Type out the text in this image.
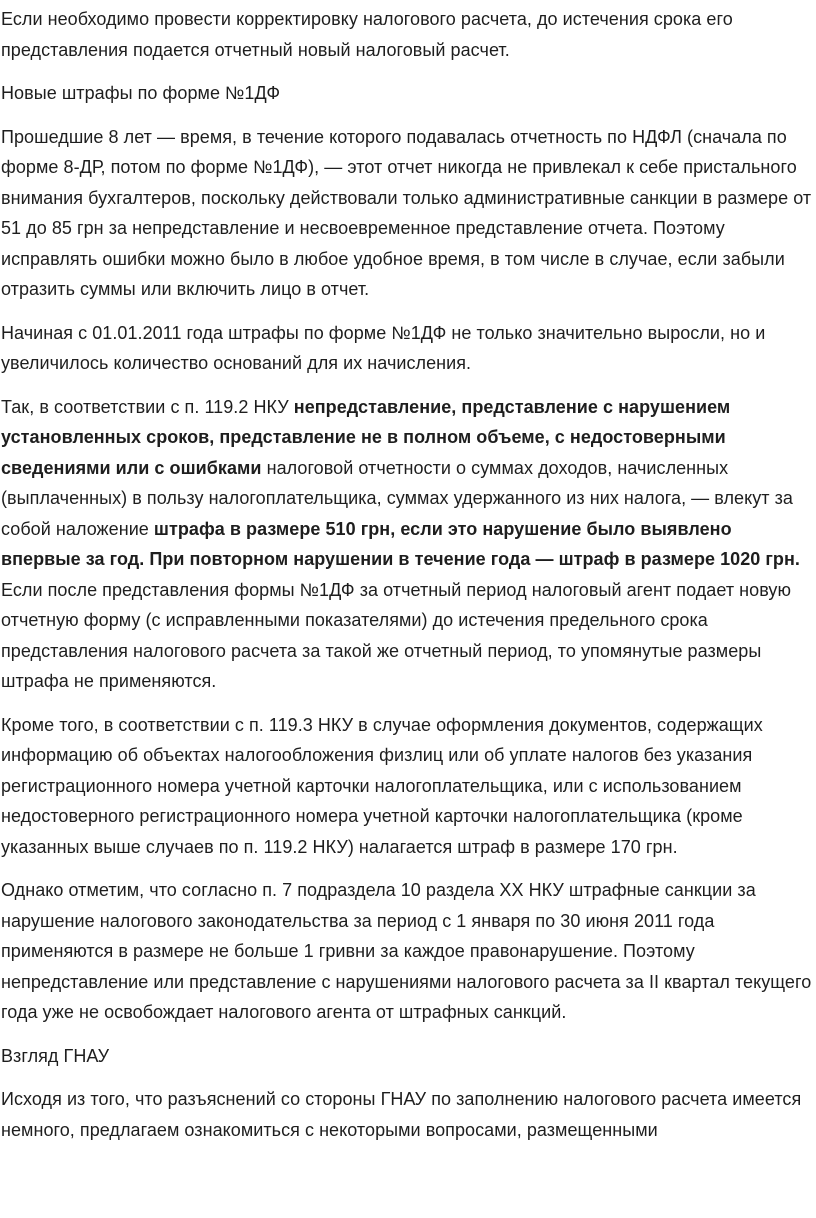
Если необходимо провести корректировку налогового расчета, до истечения срока его представления подается отчетный новый налоговый расчет.

Новые штрафы по форме №1ДФ

Прошедшие 8 лет — время, в течение которого подавалась отчетность по НДФЛ (сначала по форме 8-ДР, потом по форме №1ДФ), — этот отчет никогда не привлекал к себе пристального внимания бухгалтеров, поскольку действовали только административные санкции в размере от 51 до 85 грн за непредставление и несвоевременное представление отчета. Поэтому исправлять ошибки можно было в любое удобное время, в том числе в случае, если забыли отразить суммы или включить лицо в отчет.

Начиная с 01.01.2011 года штрафы по форме №1ДФ не только значительно выросли, но и увеличилось количество оснований для их начисления.

Так, в соответствии с п. 119.2 НКУ непредставление, представление с нарушением установленных сроков, представление не в полном объеме, с недостоверными сведениями или с ошибками налоговой отчетности о суммах доходов, начисленных (выплаченных) в пользу налогоплательщика, суммах удержанного из них налога, — влекут за собой наложение штрафа в размере 510 грн, если это нарушение было выявлено впервые за год. При повторном нарушении в течение года — штраф в размере 1020 грн.

Если после представления формы №1ДФ за отчетный период налоговый агент подает новую отчетную форму (с исправленными показателями) до истечения предельного срока представления налогового расчета за такой же отчетный период, то упомянутые размеры штрафа не применяются.

Кроме того, в соответствии с п. 119.3 НКУ в случае оформления документов, содержащих информацию об объектах налогообложения физлиц или об уплате налогов без указания регистрационного номера учетной карточки налогоплательщика, или с использованием недостоверного регистрационного номера учетной карточки налогоплательщика (кроме указанных выше случаев по п. 119.2 НКУ) налагается штраф в размере 170 грн.

Однако отметим, что согласно п. 7 подраздела 10 раздела XX НКУ штрафные санкции за нарушение налогового законодательства за период с 1 января по 30 июня 2011 года применяются в размере не больше 1 гривни за каждое правонарушение. Поэтому непредставление или представление с нарушениями налогового расчета за II квартал текущего года уже не освобождает налогового агента от штрафных санкций.

Взгляд ГНАУ

Исходя из того, что разъяснений со стороны ГНАУ по заполнению налогового расчета имеется немного, предлагаем ознакомиться с некоторыми вопросами, размещенными
